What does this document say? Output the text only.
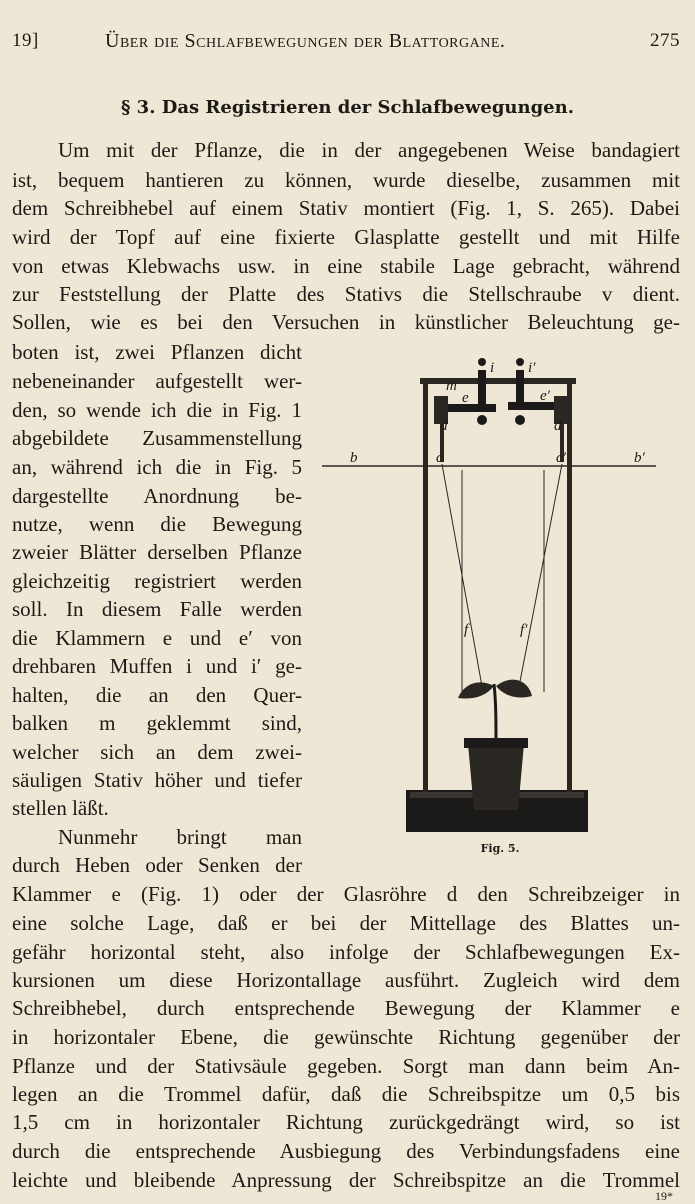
19]	Über die Schlafbewegungen der Blattorgane.	275
§ 3. Das Registrieren der Schlafbewegungen.
Um mit der Pflanze, die in der angegebenen Weise bandagiert
ist, bequem hantieren zu können, wurde dieselbe, zusammen mit
dem Schreibhebel auf einem Stativ montiert (Fig. 1, S. 265). Dabei
wird der Topf auf eine fixierte Glasplatte gestellt und mit Hilfe
von etwas Klebwachs usw. in eine stabile Lage gebracht, während
zur Feststellung der Platte des Stativs die Stellschraube v dient.
Sollen, wie es bei den Versuchen in künstlicher Beleuchtung ge-
boten ist, zwei Pflanzen dicht
nebeneinander aufgestellt wer-
den, so wende ich die in Fig. 1
abgebildete Zusammenstellung
an, während ich die in Fig. 5
dargestellte Anordnung be-
nutze, wenn die Bewegung
zweier Blätter derselben Pflanze
gleichzeitig registriert werden
soll. In diesem Falle werden
die Klammern e und e′ von
drehbaren Muffen i und i′ ge-
halten, die an den Quer-
balken m geklemmt sind,
welcher sich an dem zwei-
säuligen Stativ höher und tiefer
stellen läßt.
Nunmehr bringt man
durch Heben oder Senken der
Klammer e (Fig. 1) oder der Glasröhre d den Schreibzeiger in
eine solche Lage, daß er bei der Mittellage des Blattes un-
gefähr horizontal steht, also infolge der Schlafbewegungen Ex-
kursionen um diese Horizontallage ausführt. Zugleich wird dem
Schreibhebel, durch entsprechende Bewegung der Klammer e
in horizontaler Ebene, die gewünschte Richtung gegenüber der
Pflanze und der Stativsäule gegeben. Sorgt man dann beim An-
legen an die Trommel dafür, daß die Schreibspitze um 0,5 bis
1,5 cm in horizontaler Richtung zurückgedrängt wird, so ist
durch die entsprechende Ausbiegung des Verbindungsfadens eine
leichte und bleibende Anpressung der Schreibspitze an die Trommel
m
i i′
e	e′
d	d
b	b′
c	c′
f	f′
Fig. 5.
19*
